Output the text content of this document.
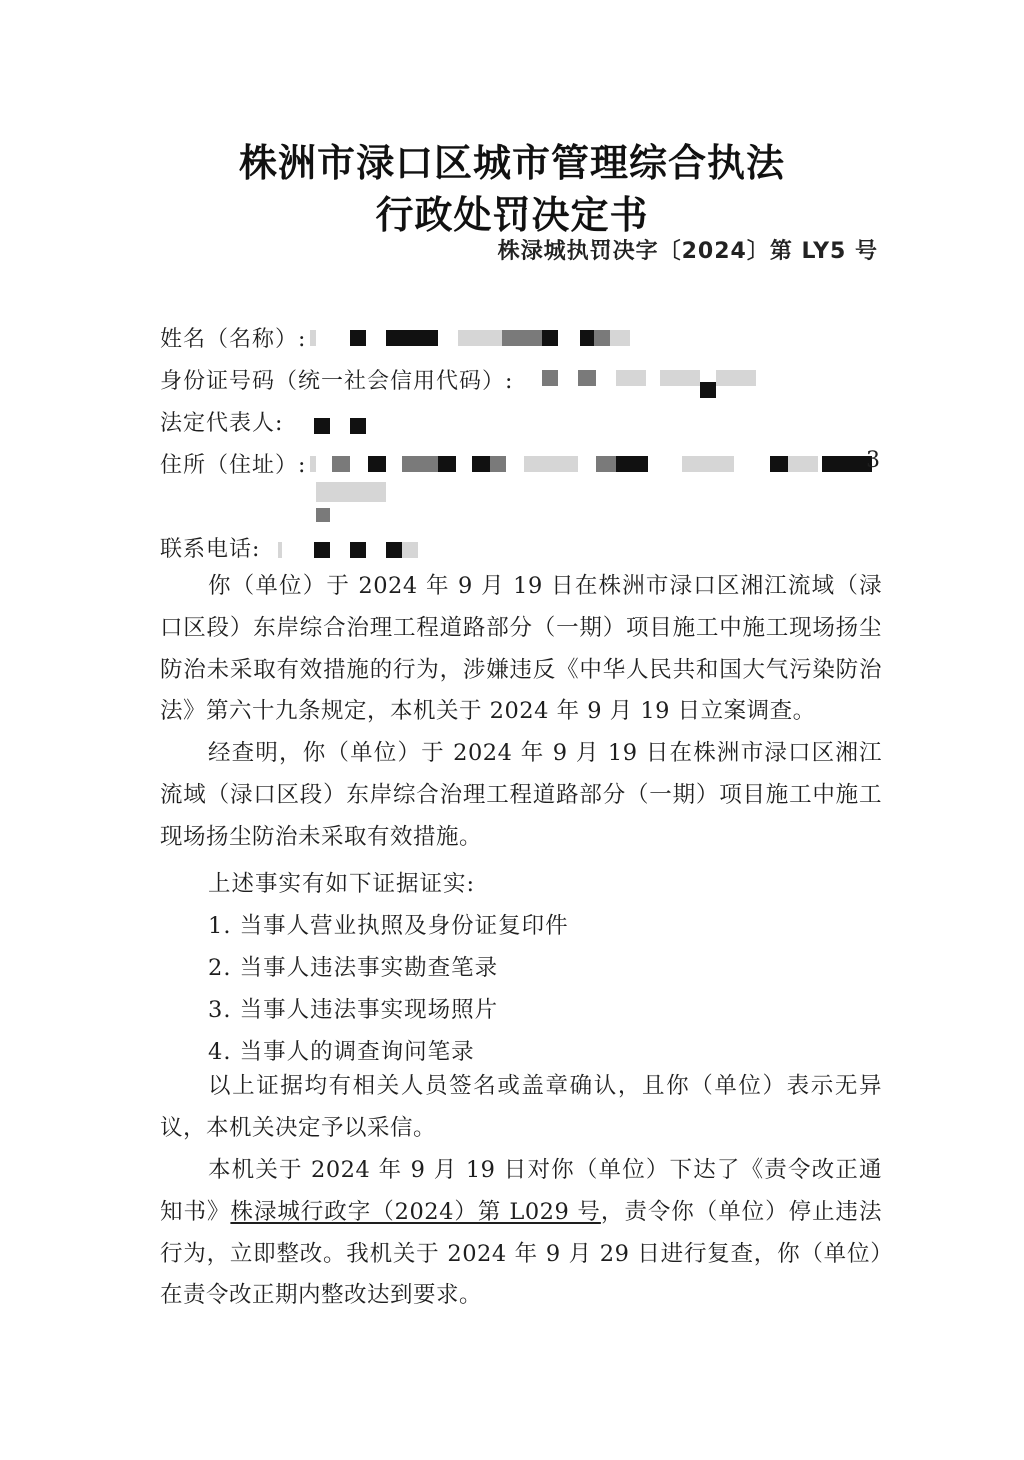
株洲市渌口区城市管理综合执法
行政处罚决定书
株渌城执罚决字〔2024〕第 LY5 号
姓名（名称）:
身份证号码（统一社会信用代码）:
法定代表人:
住所（住址）:	3
联系电话:

你（单位）于 2024 年 9 月 19 日在株洲市渌口区湘江流域（渌口区段）东岸综合治理工程道路部分（一期）项目施工中施工现场扬尘防治未采取有效措施的行为，涉嫌违反《中华人民共和国大气污染防治法》第六十九条规定，本机关于 2024 年 9 月 19 日立案调查。

经查明，你（单位）于 2024 年 9 月 19 日在株洲市渌口区湘江流域（渌口区段）东岸综合治理工程道路部分（一期）项目施工中施工现场扬尘防治未采取有效措施。

上述事实有如下证据证实:
1. 当事人营业执照及身份证复印件
2. 当事人违法事实勘查笔录
3. 当事人违法事实现场照片
4. 当事人的调查询问笔录

以上证据均有相关人员签名或盖章确认，且你（单位）表示无异议，本机关决定予以采信。

本机关于 2024 年 9 月 19 日对你（单位）下达了《责令改正通知书》株渌城行政字（2024）第 L029 号，责令你（单位）停止违法行为，立即整改。我机关于 2024 年 9 月 29 日进行复查，你（单位）在责令改正期内整改达到要求。
